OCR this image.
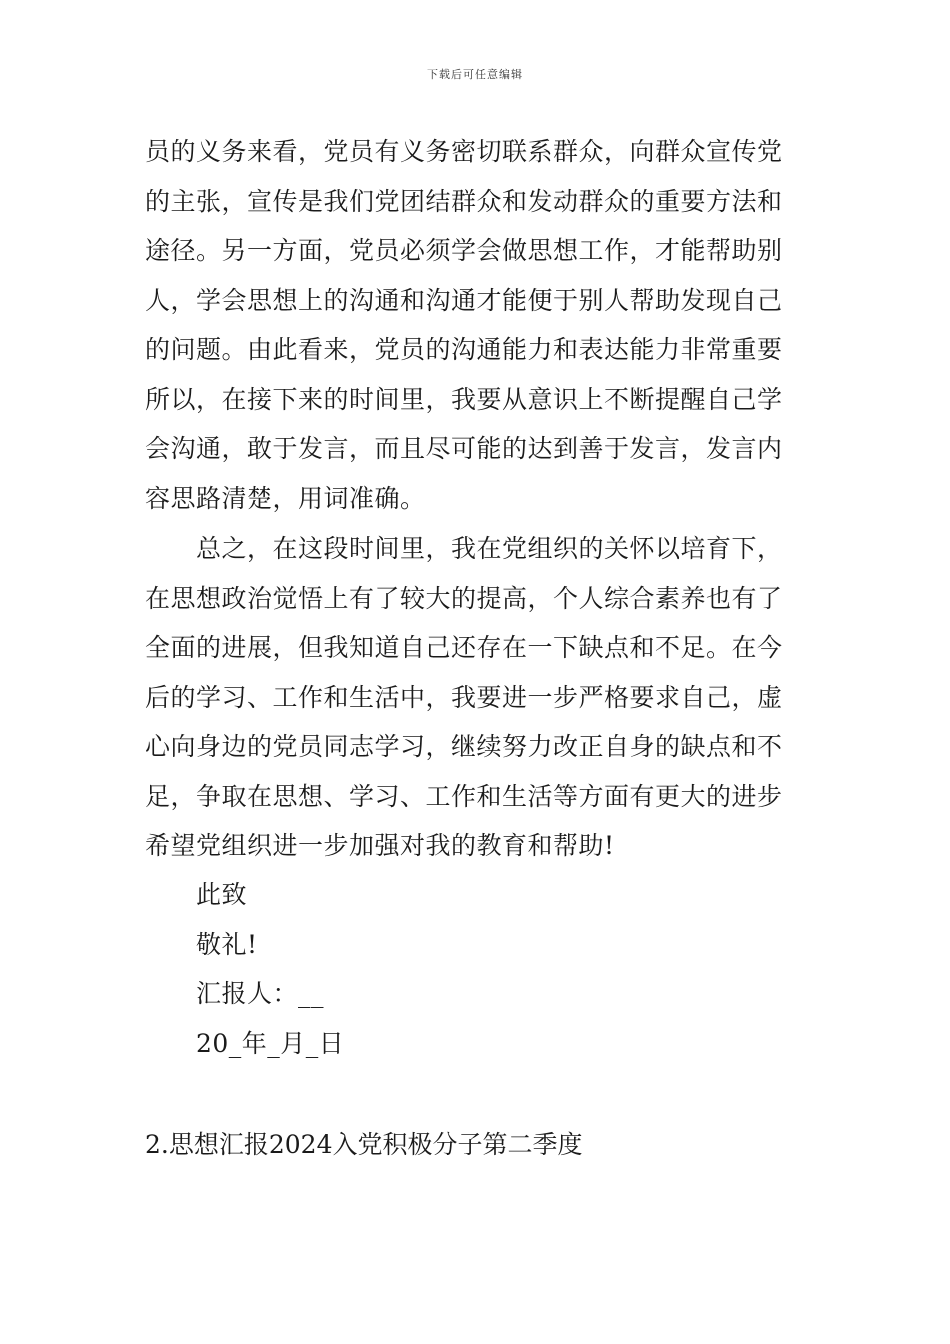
下载后可任意编辑
员的义务来看，党员有义务密切联系群众，向群众宣传党
的主张，宣传是我们党团结群众和发动群众的重要方法和
途径。另一方面，党员必须学会做思想工作，才能帮助别
人，学会思想上的沟通和沟通才能便于别人帮助发现自己
的问题。由此看来，党员的沟通能力和表达能力非常重要
所以，在接下来的时间里，我要从意识上不断提醒自己学
会沟通，敢于发言，而且尽可能的达到善于发言，发言内
容思路清楚，用词准确。
总之，在这段时间里，我在党组织的关怀以培育下，
在思想政治觉悟上有了较大的提高，个人综合素养也有了
全面的进展，但我知道自己还存在一下缺点和不足。在今
后的学习、工作和生活中，我要进一步严格要求自己，虚
心向身边的党员同志学习，继续努力改正自身的缺点和不
足，争取在思想、学习、工作和生活等方面有更大的进步
希望党组织进一步加强对我的教育和帮助!
此致
敬礼!
汇报人：__
20_年_月_日
2.思想汇报2024入党积极分子第二季度
